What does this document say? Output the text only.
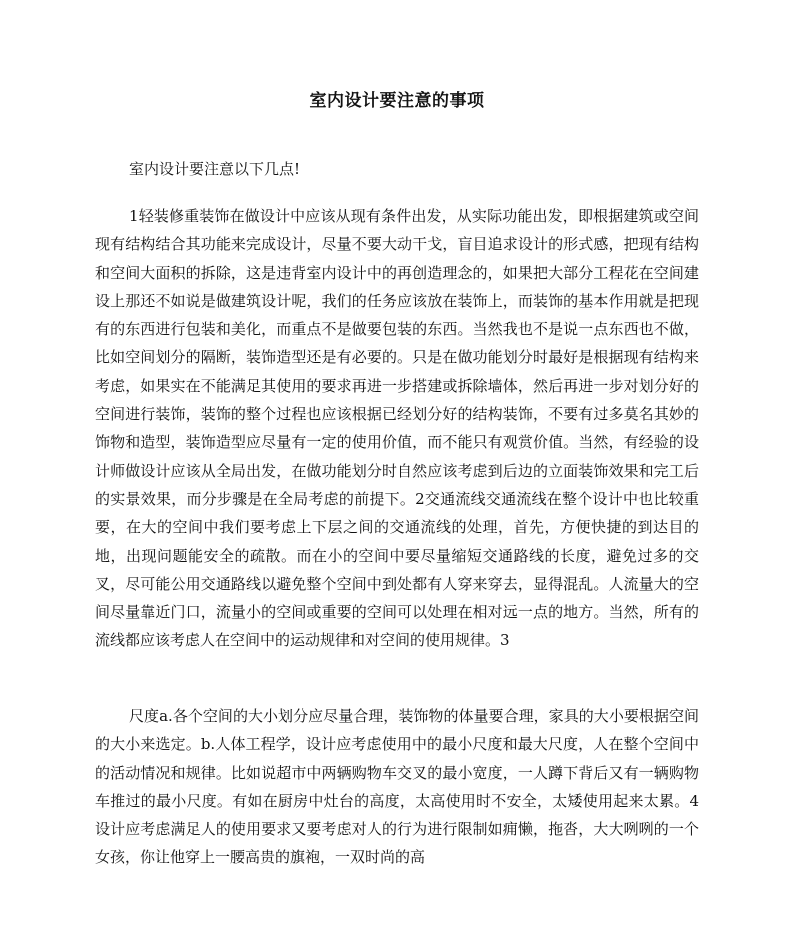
室内设计要注意的事项

室内设计要注意以下几点!

1轻装修重装饰在做设计中应该从现有条件出发，从实际功能出发，即根据建筑或空间现有结构结合其功能来完成设计，尽量不要大动干戈，盲目追求设计的形式感，把现有结构和空间大面积的拆除，这是违背室内设计中的再创造理念的，如果把大部分工程花在空间建设上那还不如说是做建筑设计呢，我们的任务应该放在装饰上，而装饰的基本作用就是把现有的东西进行包装和美化，而重点不是做要包装的东西。当然我也不是说一点东西也不做，比如空间划分的隔断，装饰造型还是有必要的。只是在做功能划分时最好是根据现有结构来考虑，如果实在不能满足其使用的要求再进一步搭建或拆除墙体，然后再进一步对划分好的空间进行装饰，装饰的整个过程也应该根据已经划分好的结构装饰，不要有过多莫名其妙的饰物和造型，装饰造型应尽量有一定的使用价值，而不能只有观赏价值。当然，有经验的设计师做设计应该从全局出发，在做功能划分时自然应该考虑到后边的立面装饰效果和完工后的实景效果，而分步骤是在全局考虑的前提下。2交通流线交通流线在整个设计中也比较重要，在大的空间中我们要考虑上下层之间的交通流线的处理，首先，方便快捷的到达目的地，出现问题能安全的疏散。而在小的空间中要尽量缩短交通路线的长度，避免过多的交叉，尽可能公用交通路线以避免整个空间中到处都有人穿来穿去，显得混乱。人流量大的空间尽量靠近门口，流量小的空间或重要的空间可以处理在相对远一点的地方。当然，所有的流线都应该考虑人在空间中的运动规律和对空间的使用规律。3

尺度a.各个空间的大小划分应尽量合理，装饰物的体量要合理，家具的大小要根据空间的大小来选定。b.人体工程学，设计应考虑使用中的最小尺度和最大尺度，人在整个空间中的活动情况和规律。比如说超市中两辆购物车交叉的最小宽度，一人蹲下背后又有一辆购物车推过的最小尺度。有如在厨房中灶台的高度，太高使用时不安全，太矮使用起来太累。4设计应考虑满足人的使用要求又要考虑对人的行为进行限制如痈懒，拖沓，大大咧咧的一个女孩，你让他穿上一腰高贵的旗袍，一双时尚的高
